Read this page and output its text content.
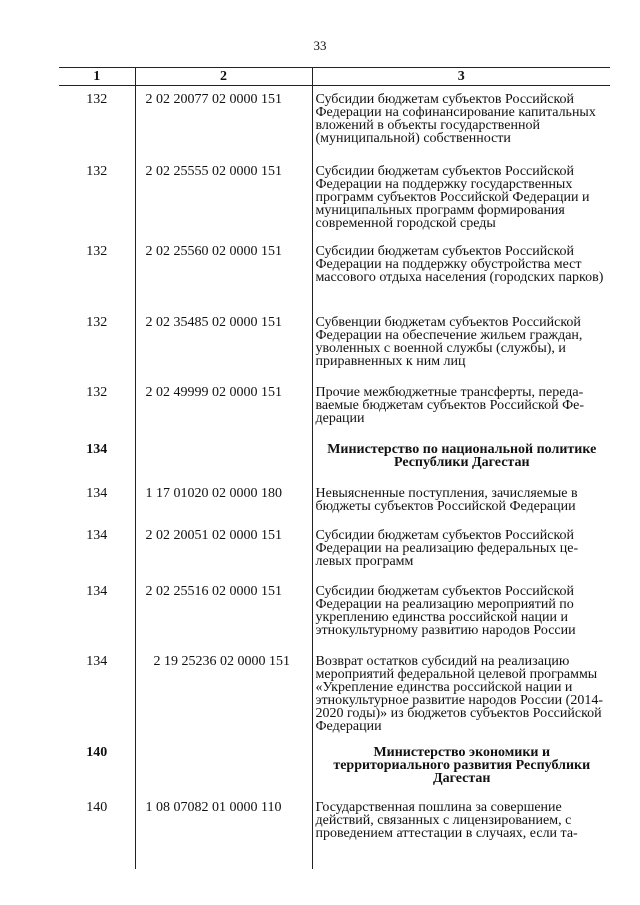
33
1	2	3
132	2 02 20077 02 0000 151	Субсидии бюджетам субъектов Российской Федерации на софинансирование капитальных вложений в объекты государственной (муниципальной) собственности
132	2 02 25555 02 0000 151	Субсидии бюджетам субъектов Российской Федерации на поддержку государственных программ субъектов Российской Федерации и муниципальных программ формирования современной городской среды
132	2 02 25560 02 0000 151	Субсидии бюджетам субъектов Российской Федерации на поддержку обустройства мест массового отдыха населения (городских парков)
132	2 02 35485 02 0000 151	Субвенции бюджетам субъектов Российской Федерации на обеспечение жильем граждан, уволенных с военной службы (службы), и приравненных к ним лиц
132	2 02 49999 02 0000 151	Прочие межбюджетные трансферты, передаваемые бюджетам субъектов Российской Федерации
134		Министерство по национальной политике Республики Дагестан
134	1 17 01020 02 0000 180	Невыясненные поступления, зачисляемые в бюджеты субъектов Российской Федерации
134	2 02 20051 02 0000 151	Субсидии бюджетам субъектов Российской Федерации на реализацию федеральных целевых программ
134	2 02 25516 02 0000 151	Субсидии бюджетам субъектов Российской Федерации на реализацию мероприятий по укреплению единства российской нации и этнокультурному развитию народов России
134	2 19 25236 02 0000 151	Возврат остатков субсидий на реализацию мероприятий федеральной целевой программы «Укрепление единства российской нации и этнокультурное развитие народов России (2014-2020 годы)» из бюджетов субъектов Российской Федерации
140		Министерство экономики и территориального развития Республики Дагестан
140	1 08 07082 01 0000 110	Государственная пошлина за совершение действий, связанных с лицензированием, с проведением аттестации в случаях, если та-
